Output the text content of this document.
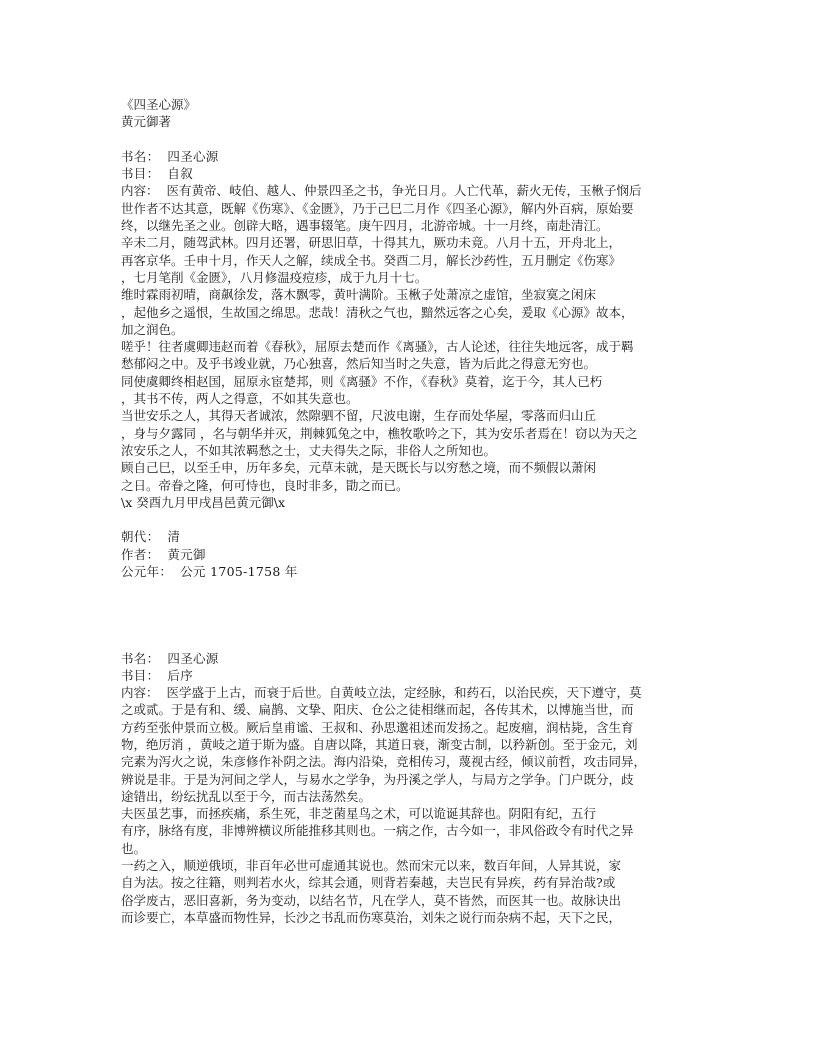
《四圣心源》
黄元御著
书名： 四圣心源
书目： 自叙
内容： 医有黄帝、岐伯、越人、仲景四圣之书，争光日月。人亡代革，薪火无传，玉楸子悯后
世作者不达其意，既解《伤寒》、《金匮》，乃于己巳二月作《四圣心源》，解内外百病，原始要
终，以继先圣之业。创辟大略，遇事辍笔。庚午四月，北游帝城。十一月终，南赴清江。
辛未二月，随驾武林。四月还署，研思旧草，十得其九，厥功未竟。八月十五，开舟北上，
再客京华。壬申十月，作天人之解，续成全书。癸酉二月，解长沙药性，五月删定《伤寒》
，七月笔削《金匮》，八月修温疫痘疹，成于九月十七。
维时霖雨初晴，商飙徐发，落木飘零，黄叶满阶。玉楸子处萧凉之虚馆，坐寂寞之闲床
，起他乡之遥恨，生故国之绵思。悲哉！清秋之气也，黯然远客之心矣，爰取《心源》故本，
加之润色。
嗟乎！往者虞卿违赵而着《春秋》，屈原去楚而作《离骚》，古人论述，往往失地远客，成于羁
愁郁闷之中。及乎书竣业就，乃心独喜，然后知当时之失意，皆为后此之得意无穷也。
同使虞卿终相赵国，屈原永宦楚邦，则《离骚》不作，《春秋》莫着，迄于今，其人已朽
，其书不传，两人之得意，不如其失意也。
当世安乐之人，其得天者诚浓，然隙驷不留，尺波电谢，生存而处华屋，零落而归山丘
，身与夕露同 ，名与朝华并灭，荆棘狐兔之中，樵牧歌吟之下，其为安乐者焉在！窃以为天之
浓安乐之人，不如其浓羁愁之士，丈夫得失之际，非俗人之所知也。
顾自己巳，以至壬申，历年多矣，元草未就，是天既长与以穷愁之境，而不频假以萧闲
之日。帝眷之隆，何可恃也，良时非多，勖之而已。
\x 癸酉九月甲戌昌邑黄元御\x
朝代： 清
作者： 黄元御
公元年： 公元 1705-1758 年
书名： 四圣心源
书目： 后序
内容： 医学盛于上古，而衰于后世。自黄岐立法，定经脉，和药石，以治民疾，天下遵守，莫
之或贰。于是有和、缓、扁鹊、文挚、阳庆、仓公之徒相继而起，各传其术，以博施当世，而
方药至张仲景而立极。厥后皇甫谧、王叔和、孙思邈祖述而发扬之。起废痼，润枯毙，含生育
物，绝厉消 ，黄岐之道于斯为盛。自唐以降，其道日衰，渐变古制，以矜新创。至于金元，刘
完素为泻火之说，朱彦修作补阴之法。海内沿染，竞相传习，蔑视古经，倾议前哲，攻击同异，
辨说是非。于是为河间之学人，与易水之学争，为丹溪之学人，与局方之学争。门户既分，歧
途错出，纷纭扰乱以至于今，而古法荡然矣。
夫医虽艺事，而拯疾痛，系生死，非芝菌星鸟之术，可以诡诞其辞也。阴阳有纪，五行
有序，脉络有度，非博辨横议所能推移其则也。一病之作，古今如一，非风俗政令有时代之异
也。
一药之入，顺逆俄顷，非百年必世可虚通其说也。然而宋元以来，数百年间，人异其说，家
自为法。按之往籍，则判若水火，综其会通，则背若秦越，夫岂民有异疾，药有异治哉?或
俗学废古，恶旧喜新，务为变动，以结名节，凡在学人，莫不皆然，而医其一也。故脉诀出
而诊要亡，本草盛而物性异，长沙之书乱而伤寒莫治，刘朱之说行而杂病不起，天下之民，
